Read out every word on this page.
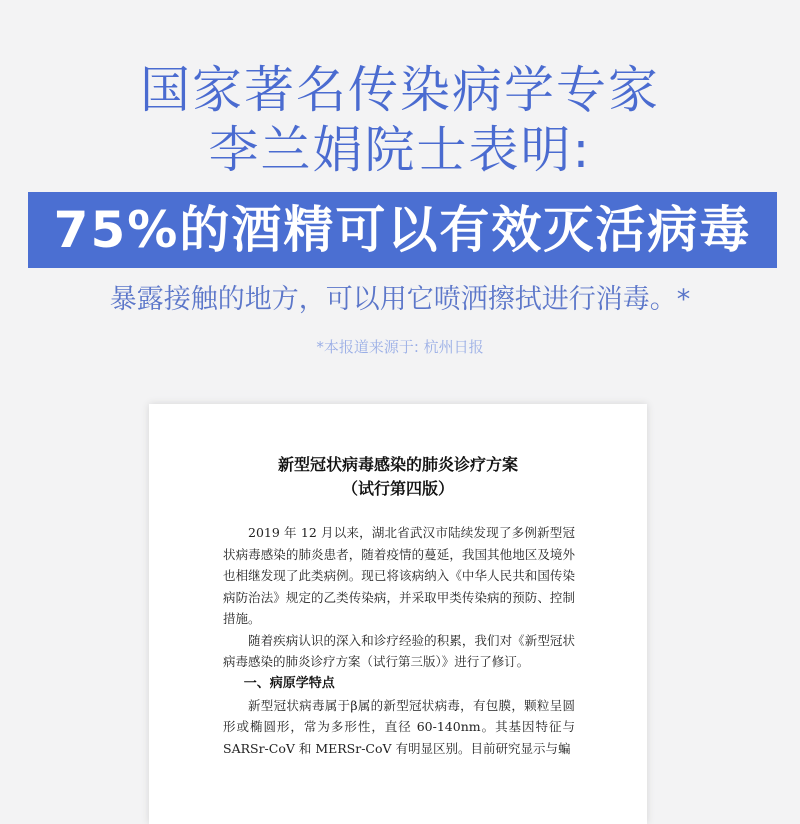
国家著名传染病学专家
李兰娟院士表明:
75%的酒精可以有效灭活病毒
暴露接触的地方，可以用它喷洒擦拭进行消毒。*
*本报道来源于: 杭州日报
新型冠状病毒感染的肺炎诊疗方案
（试行第四版）

2019 年 12 月以来，湖北省武汉市陆续发现了多例新型冠状病毒感染的肺炎患者，随着疫情的蔓延，我国其他地区及境外也相继发现了此类病例。现已将该病纳入《中华人民共和国传染病防治法》规定的乙类传染病，并采取甲类传染病的预防、控制措施。

随着疾病认识的深入和诊疗经验的积累，我们对《新型冠状病毒感染的肺炎诊疗方案（试行第三版）》进行了修订。

一、病原学特点

新型冠状病毒属于β属的新型冠状病毒，有包膜，颗粒呈圆形或椭圆形，常为多形性，直径 60-140nm。其基因特征与 SARSr-CoV 和 MERSr-CoV 有明显区别。目前研究显示与蝙
